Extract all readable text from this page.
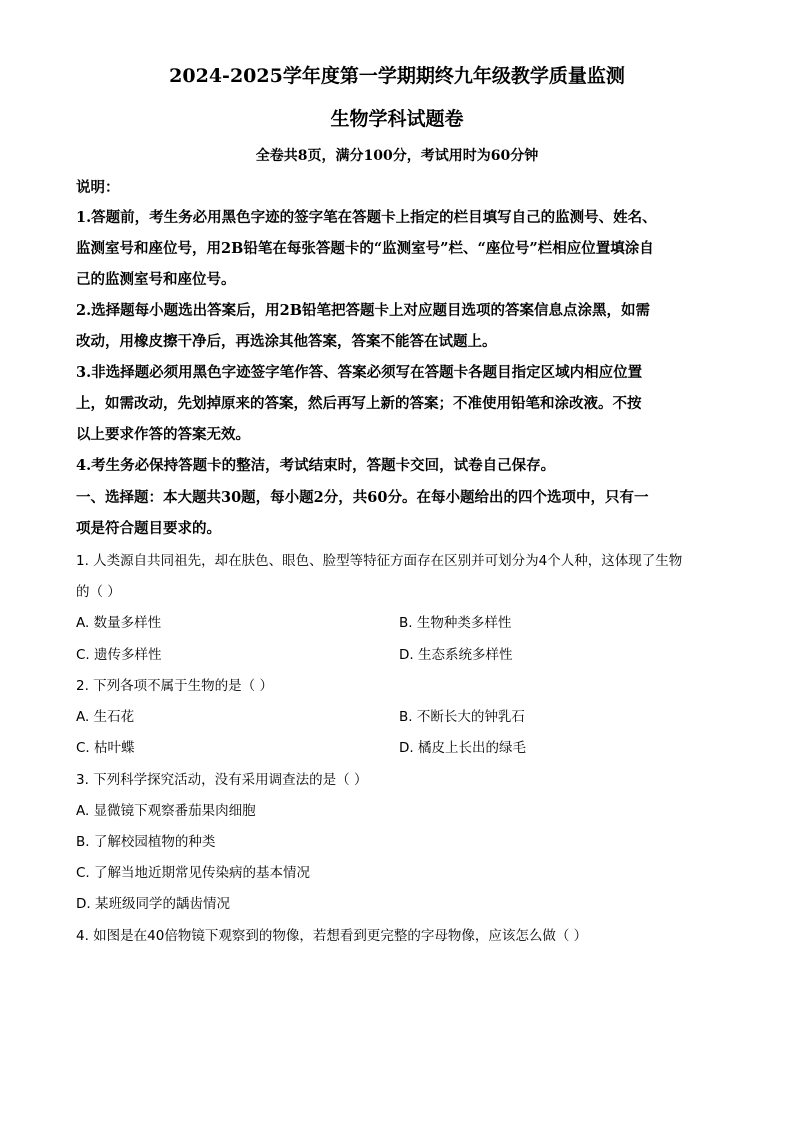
2024-2025学年度第一学期期终九年级教学质量监测
生物学科试题卷
全卷共8页，满分100分，考试用时为60分钟
说明：
1.答题前，考生务必用黑色字迹的签字笔在答题卡上指定的栏目填写自己的监测号、姓名、
监测室号和座位号，用2B铅笔在每张答题卡的“监测室号”栏、“座位号”栏相应位置填涂自
己的监测室号和座位号。
2.选择题每小题选出答案后，用2B铅笔把答题卡上对应题目选项的答案信息点涂黑，如需
改动，用橡皮擦干净后，再选涂其他答案，答案不能答在试题上。
3.非选择题必须用黑色字迹签字笔作答、答案必须写在答题卡各题目指定区域内相应位置
上，如需改动，先划掉原来的答案，然后再写上新的答案；不准使用铅笔和涂改液。不按
以上要求作答的答案无效。
4.考生务必保持答题卡的整洁，考试结束时，答题卡交回，试卷自己保存。
一、选择题：本大题共30题，每小题2分，共60分。在每小题给出的四个选项中，只有一
项是符合题目要求的。
1. 人类源自共同祖先，却在肤色、眼色、脸型等特征方面存在区别并可划分为4个人种，这体现了生物
的（ ）
A. 数量多样性	B. 生物种类多样性
C. 遗传多样性	D. 生态系统多样性
2. 下列各项不属于生物的是（ ）
A. 生石花	B. 不断长大的钟乳石
C. 枯叶蝶	D. 橘皮上长出的绿毛
3. 下列科学探究活动，没有采用调查法的是（ ）
A. 显微镜下观察番茄果肉细胞
B. 了解校园植物的种类
C. 了解当地近期常见传染病的基本情况
D. 某班级同学的龋齿情况
4. 如图是在40倍物镜下观察到的物像，若想看到更完整的字母物像，应该怎么做（ ）
